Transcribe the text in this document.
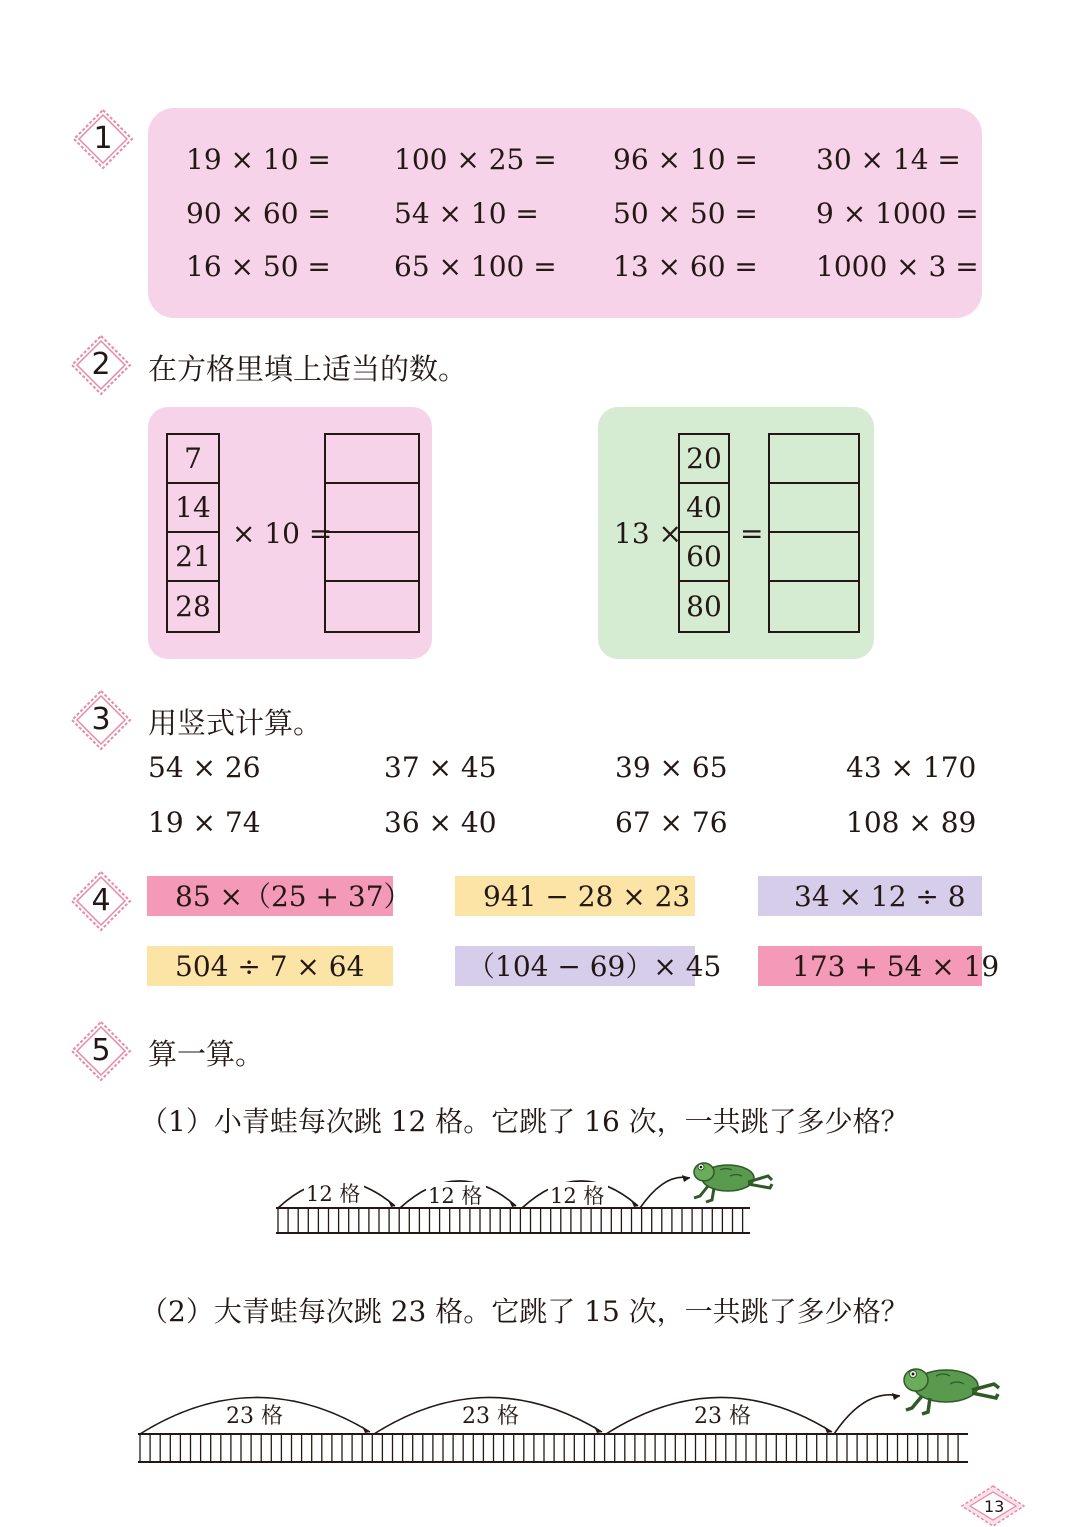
1
19 × 10 = 100 × 25 = 96 × 10 = 30 × 14 =
90 × 60 = 54 × 10 =	50 × 50 = 9 × 1000 =
16 × 50 = 65 × 100 = 13 × 60 = 1000 × 3 =
2	在方格里填上适当的数。
7
14
21
28
× 10 =	13 ×
20
40
60
80
=
3	用竖式计算。
54 × 26	37 × 45	39 × 65	43 × 170
19 × 74	36 × 40	67 × 76	108 × 89
4	85 ×（25 + 37）	941 − 28 × 23	34 × 12 ÷ 8
504 ÷ 7 × 64	（104 − 69）× 45	173 + 54 × 19
5	算一算。
（1）小青蛙每次跳 12 格。它跳了 16 次，一共跳了多少格？
12 格	12 格	12 格
（2）大青蛙每次跳 23 格。它跳了 15 次，一共跳了多少格？
23 格	23 格	23 格
13
